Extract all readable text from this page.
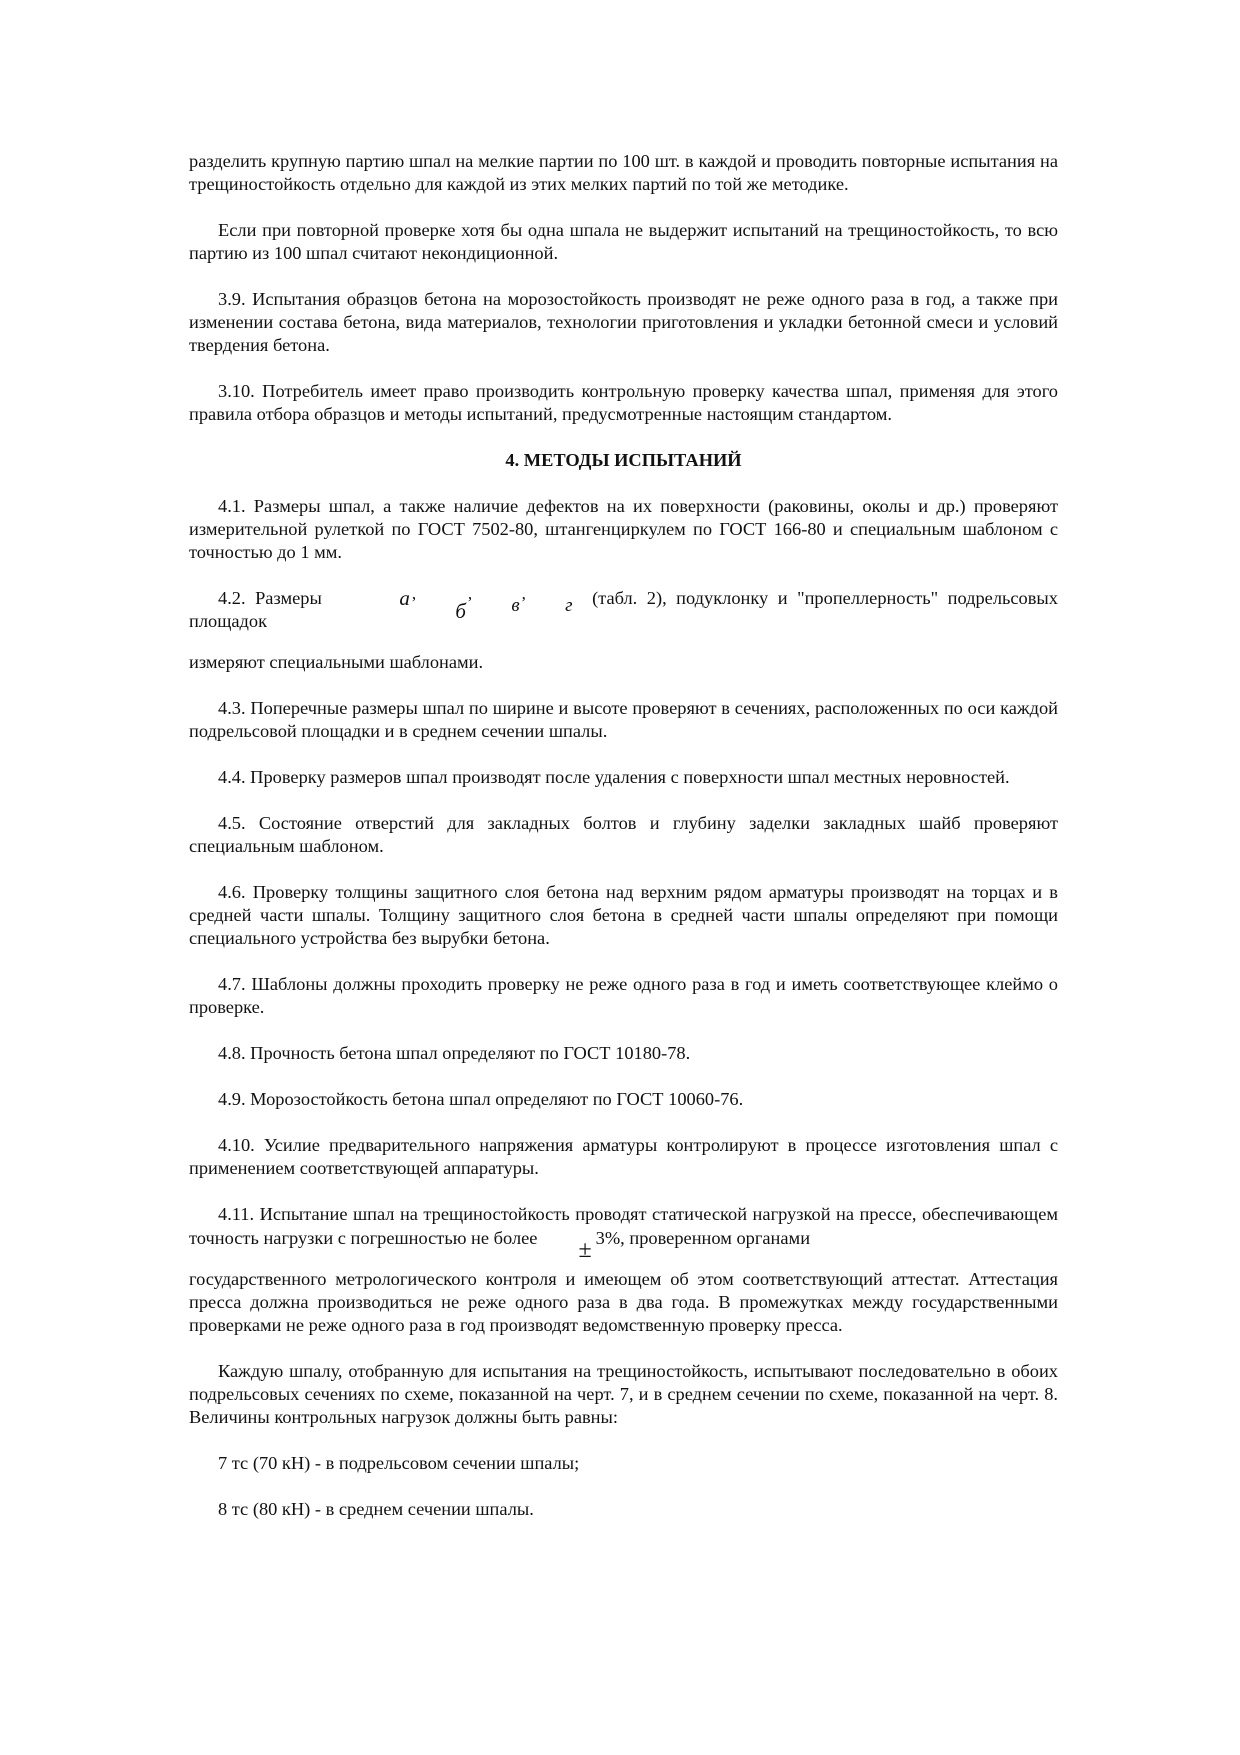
разделить крупную партию шпал на мелкие партии по 100 шт. в каждой и проводить повторные испытания на трещиностойкость отдельно для каждой из этих мелких партий по той же методике.

Если при повторной проверке хотя бы одна шпала не выдержит испытаний на трещиностойкость, то всю партию из 100 шпал считают некондиционной.

3.9. Испытания образцов бетона на морозостойкость производят не реже одного раза в год, а также при изменении состава бетона, вида материалов, технологии приготовления и укладки бетонной смеси и условий твердения бетона.

3.10. Потребитель имеет право производить контрольную проверку качества шпал, применяя для этого правила отбора образцов и методы испытаний, предусмотренные настоящим стандартом.

4. МЕТОДЫ ИСПЫТАНИЙ

4.1. Размеры шпал, а также наличие дефектов на их поверхности (раковины, околы и др.) проверяют измерительной рулеткой по ГОСТ 7502-80, штангенциркулем по ГОСТ 166-80 и специальным шаблоном с точностью до 1 мм.

4.2. Размеры	а , б, в, г (табл. 2), подуклонку и "пропеллерность" подрельсовых площадок

измеряют специальными шаблонами.

4.3. Поперечные размеры шпал по ширине и высоте проверяют в сечениях, расположенных по оси каждой подрельсовой площадки и в среднем сечении шпалы.

4.4. Проверку размеров шпал производят после удаления с поверхности шпал местных неровностей.

4.5. Состояние отверстий для закладных болтов и глубину заделки закладных шайб проверяют специальным шаблоном.

4.6. Проверку толщины защитного слоя бетона над верхним рядом арматуры производят на торцах и в средней части шпалы. Толщину защитного слоя бетона в средней части шпалы определяют при помощи специального устройства без вырубки бетона.

4.7. Шаблоны должны проходить проверку не реже одного раза в год и иметь соответствующее клеймо о проверке.

4.8. Прочность бетона шпал определяют по ГОСТ 10180-78.

4.9. Морозостойкость бетона шпал определяют по ГОСТ 10060-76.

4.10. Усилие предварительного напряжения арматуры контролируют в процессе изготовления шпал с применением соответствующей аппаратуры.

4.11. Испытание шпал на трещиностойкость проводят статической нагрузкой на прессе, обеспечивающем точность нагрузки с погрешностью не более ± 3%, проверенном органами

государственного метрологического контроля и имеющем об этом соответствующий аттестат. Аттестация пресса должна производиться не реже одного раза в два года. В промежутках между государственными проверками не реже одного раза в год производят ведомственную проверку пресса.

Каждую шпалу, отобранную для испытания на трещиностойкость, испытывают последовательно в обоих подрельсовых сечениях по схеме, показанной на черт. 7, и в среднем сечении по схеме, показанной на черт. 8. Величины контрольных нагрузок должны быть равны:

7 тс (70 кН) - в подрельсовом сечении шпалы;

8 тс (80 кН) - в среднем сечении шпалы.
